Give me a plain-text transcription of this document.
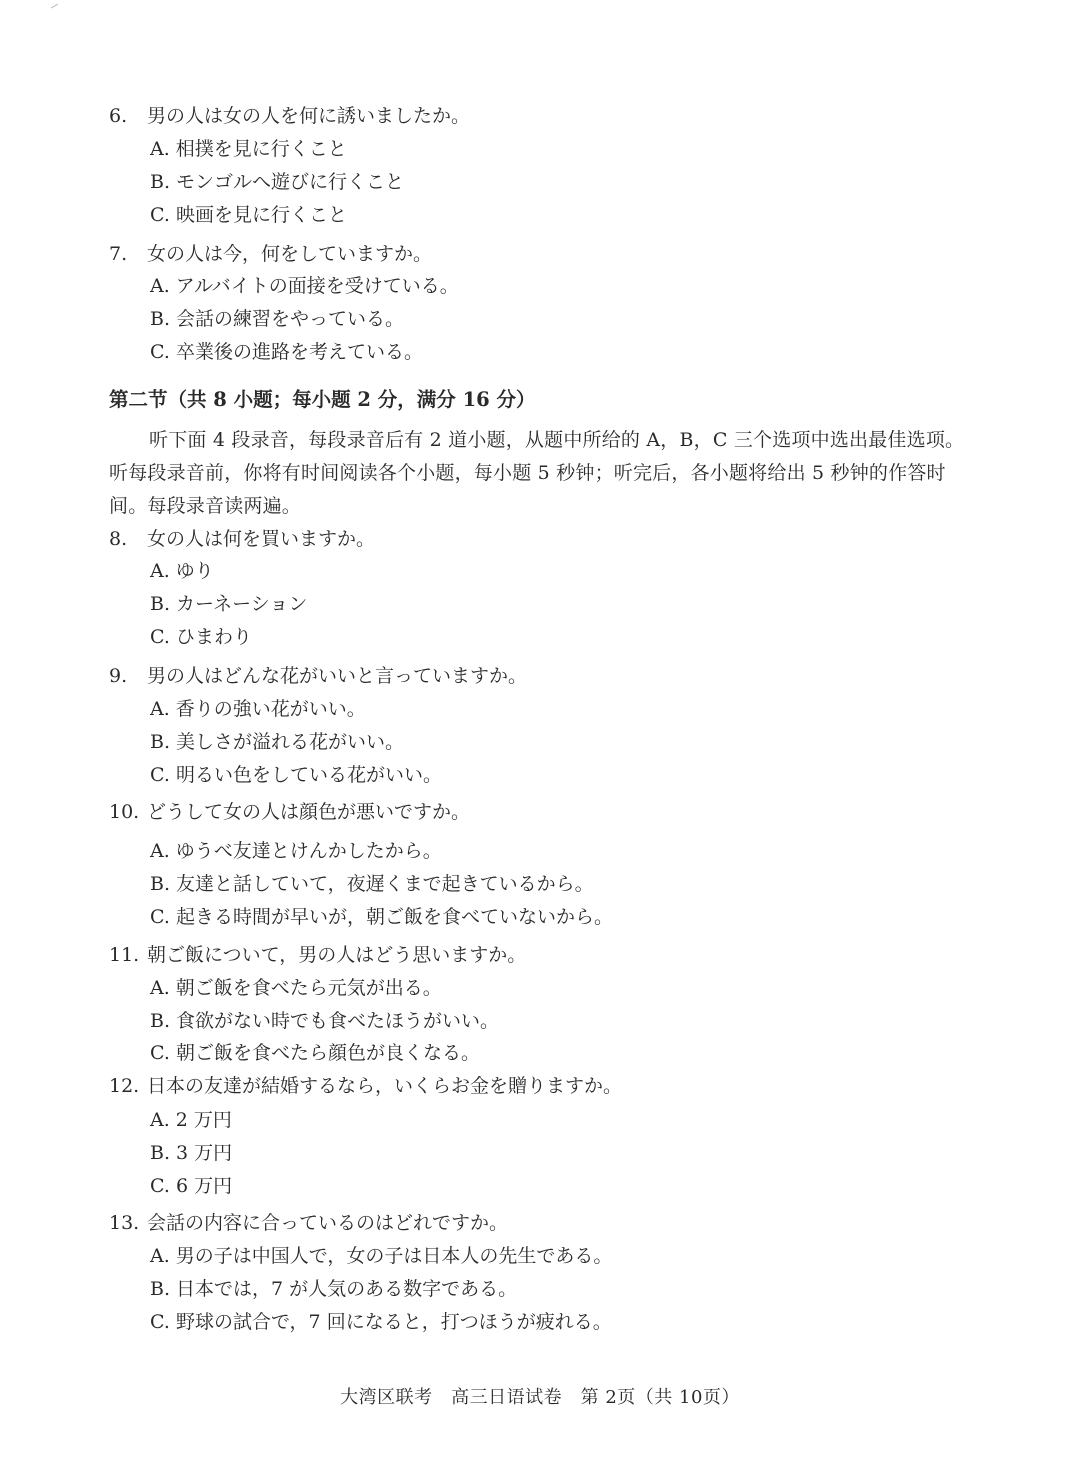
6. 男の人は女の人を何に誘いましたか。
A. 相撲を見に行くこと
B. モンゴルへ遊びに行くこと
C. 映画を見に行くこと
7. 女の人は今，何をしていますか。
A. アルバイトの面接を受けている。
B. 会話の練習をやっている。
C. 卒業後の進路を考えている。
第二节（共 8 小题；每小题 2 分，满分 16 分）
听下面 4 段录音，每段录音后有 2 道小题，从题中所给的 A，B，C 三个选项中选出最佳选项。听每段录音前，你将有时间阅读各个小题，每小题 5 秒钟；听完后，各小题将给出 5 秒钟的作答时间。每段录音读两遍。
8. 女の人は何を買いますか。
A. ゆり
B. カーネーション
C. ひまわり
9. 男の人はどんな花がいいと言っていますか。
A. 香りの強い花がいい。
B. 美しさが溢れる花がいい。
C. 明るい色をしている花がいい。
10. どうして女の人は顔色が悪いですか。
A. ゆうべ友達とけんかしたから。
B. 友達と話していて，夜遅くまで起きているから。
C. 起きる時間が早いが，朝ご飯を食べていないから。
11. 朝ご飯について，男の人はどう思いますか。
A. 朝ご飯を食べたら元気が出る。
B. 食欲がない時でも食べたほうがいい。
C. 朝ご飯を食べたら顔色が良くなる。
12. 日本の友達が結婚するなら，いくらお金を贈りますか。
A. 2 万円
B. 3 万円
C. 6 万円
13. 会話の内容に合っているのはどれですか。
A. 男の子は中国人で，女の子は日本人の先生である。
B. 日本では，7 が人気のある数字である。
C. 野球の試合で，7 回になると，打つほうが疲れる。
大湾区联考　高三日语试卷　第 2页（共 10页）
